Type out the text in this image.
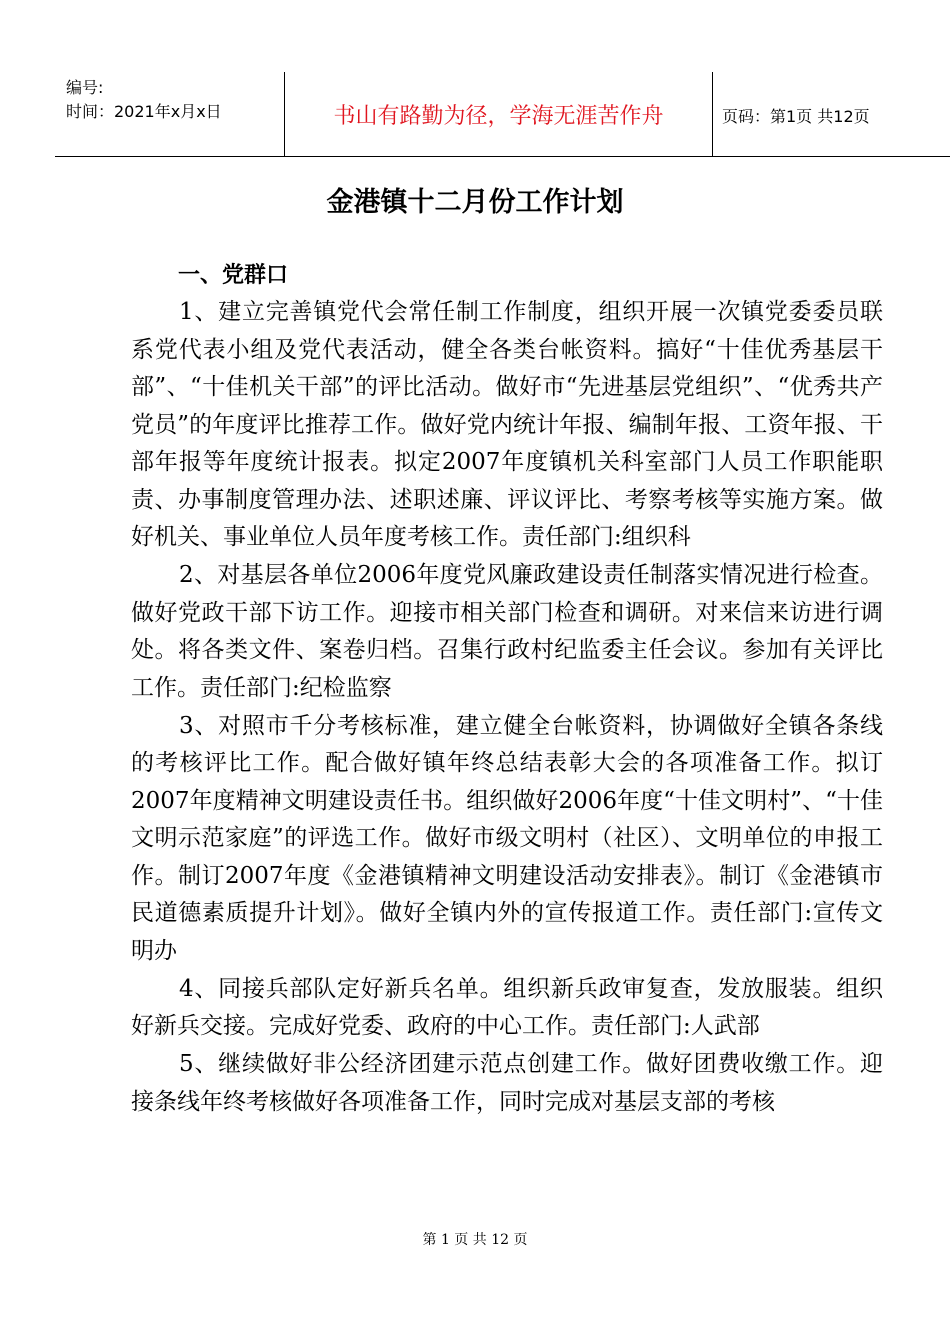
编号:
时间：2021年x月x日	书山有路勤为径，学海无涯苦作舟	页码：第1页 共12页
金港镇十二月份工作计划
一、党群口

1、建立完善镇党代会常任制工作制度，组织开展一次镇党委委员联系党代表小组及党代表活动，健全各类台帐资料。搞好“十佳优秀基层干部”、“十佳机关干部”的评比活动。做好市“先进基层党组织”、“优秀共产党员”的年度评比推荐工作。做好党内统计年报、编制年报、工资年报、干部年报等年度统计报表。拟定2007年度镇机关科室部门人员工作职能职责、办事制度管理办法、述职述廉、评议评比、考察考核等实施方案。做好机关、事业单位人员年度考核工作。责任部门:组织科

2、对基层各单位2006年度党风廉政建设责任制落实情况进行检查。做好党政干部下访工作。迎接市相关部门检查和调研。对来信来访进行调处。将各类文件、案卷归档。召集行政村纪监委主任会议。参加有关评比工作。责任部门:纪检监察

3、对照市千分考核标准，建立健全台帐资料，协调做好全镇各条线的考核评比工作。配合做好镇年终总结表彰大会的各项准备工作。拟订2007年度精神文明建设责任书。组织做好2006年度“十佳文明村”、“十佳文明示范家庭”的评选工作。做好市级文明村（社区）、文明单位的申报工作。制订2007年度《金港镇精神文明建设活动安排表》。制订《金港镇市民道德素质提升计划》。做好全镇内外的宣传报道工作。责任部门:宣传文明办

4、同接兵部队定好新兵名单。组织新兵政审复查，发放服装。组织好新兵交接。完成好党委、政府的中心工作。责任部门:人武部

5、继续做好非公经济团建示范点创建工作。做好团费收缴工作。迎接条线年终考核做好各项准备工作，同时完成对基层支部的考核

第 1 页 共 12 页
